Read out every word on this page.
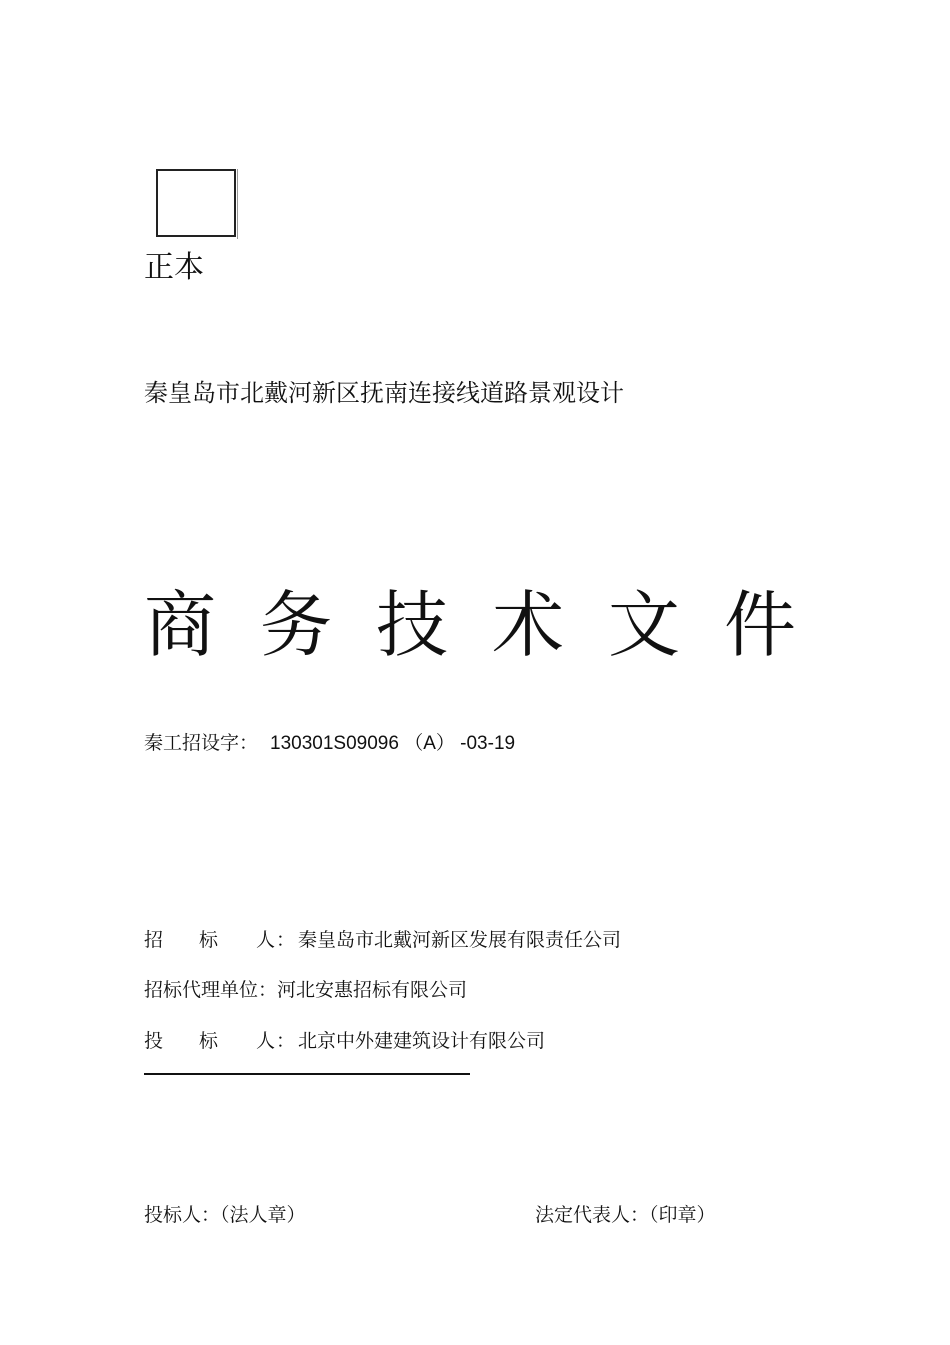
正本
秦皇岛市北戴河新区抚南连接线道路景观设计
商务技术文件
秦工招设字： 130301S09096 （A） -03-19
招 标 人： 秦皇岛市北戴河新区发展有限责任公司
招标代理单位：河北安惠招标有限公司
投 标 人： 北京中外建建筑设计有限公司
投标人：（法人章）	法定代表人：（印章）
